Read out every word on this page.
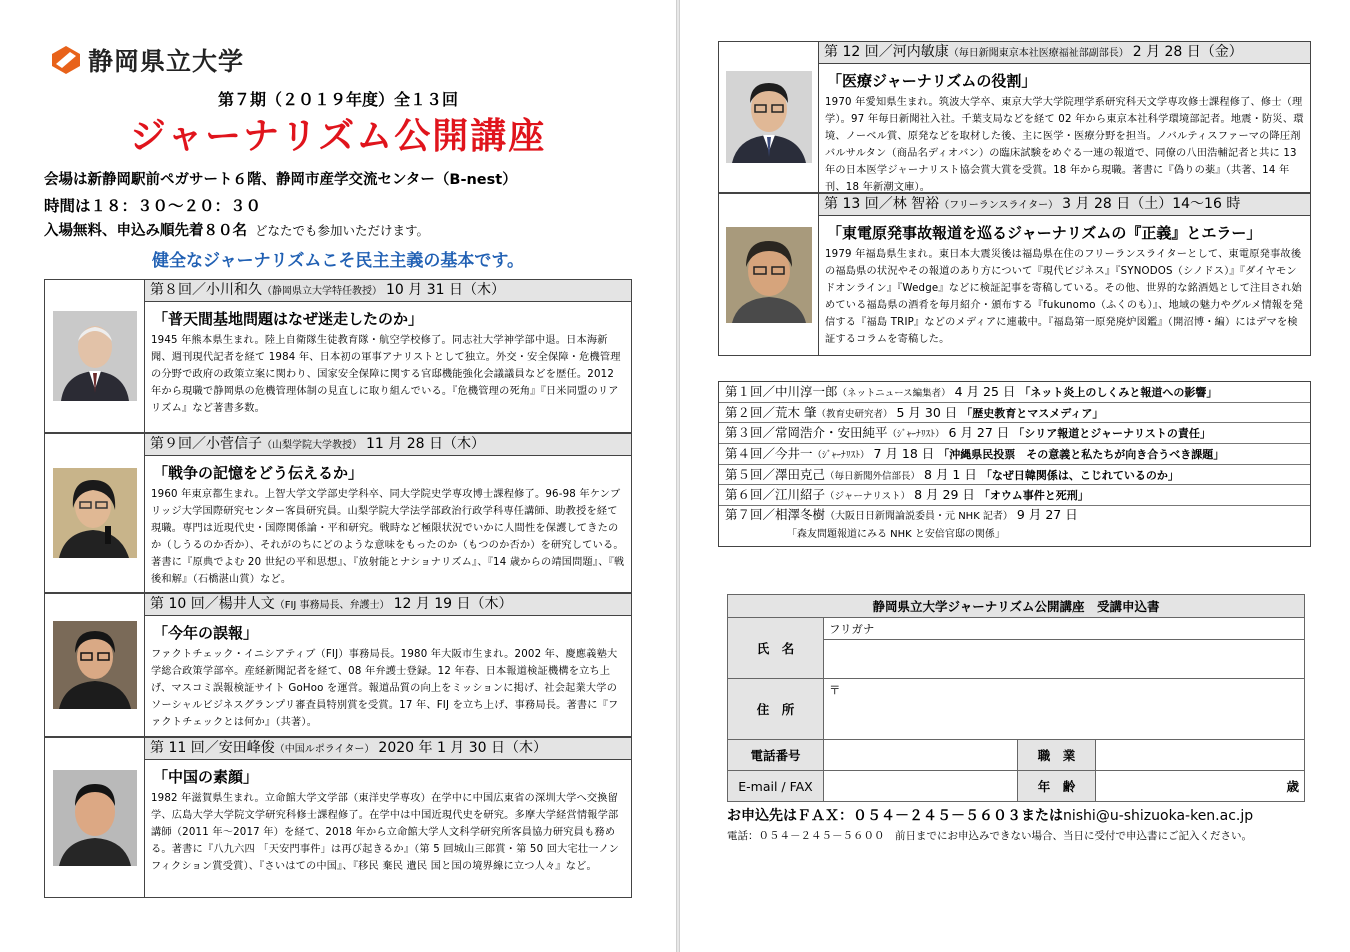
静岡県立大学
第７期（２０１９年度）全１３回
ジャーナリズム公開講座
会場は新静岡駅前ペガサート６階、静岡市産学交流センター（B-nest）
時間は１８：３０～２０：３０
入場無料、申込み順先着８０名 どなたでも参加いただけます。
健全なジャーナリズムこそ民主主義の基本です。
第８回／小川和久（静岡県立大学特任教授） 10 月 31 日（木）
「普天間基地問題はなぜ迷走したのか」
1945 年熊本県生まれ。陸上自衛隊生徒教育隊・航空学校修了。同志社大学神学部中退。日本海新聞、週刊現代記者を経て 1984 年、日本初の軍事アナリストとして独立。外交・安全保障・危機管理の分野で政府の政策立案に関わり、国家安全保障に関する官邸機能強化会議議員などを歴任。2012 年から現職で静岡県の危機管理体制の見直しに取り組んでいる。『危機管理の死角』『日米同盟のリアリズム』など著書多数。
第９回／小菅信子（山梨学院大学教授） 11 月 28 日（木）
「戦争の記憶をどう伝えるか」
1960 年東京都生まれ。上智大学文学部史学科卒、同大学院史学専攻博士課程修了。96-98 年ケンブリッジ大学国際研究センター客員研究員。山梨学院大学法学部政治行政学科専任講師、助教授を経て現職。専門は近現代史・国際関係論・平和研究。戦時など極限状況でいかに人間性を保護してきたのか（しうるのか否か）、それがのちにどのような意味をもったのか（もつのか否か）を研究している。著書に『原典でよむ 20 世紀の平和思想』、『放射能とナショナリズム』、『14 歳からの靖国問題』、『戦後和解』（石橋湛山賞）など。
第 10 回／楊井人文（FIJ 事務局長、弁護士） 12 月 19 日（木）
「今年の誤報」
ファクトチェック・イニシアティブ（FIJ）事務局長。1980 年大阪市生まれ。2002 年、慶應義塾大学総合政策学部卒。産経新聞記者を経て、08 年弁護士登録。12 年春、日本報道検証機構を立ち上げ、マスコミ誤報検証サイト GoHoo を運営。報道品質の向上をミッションに掲げ、社会起業大学のソーシャルビジネスグランプリ審査員特別賞を受賞。17 年、FIJ を立ち上げ、事務局長。著書に『ファクトチェックとは何か』（共著）。
第 11 回／安田峰俊（中国ルポライター） 2020 年 1 月 30 日（木）
「中国の素顔」
1982 年滋賀県生まれ。立命館大学文学部（東洋史学専攻）在学中に中国広東省の深圳大学へ交換留学、広島大学大学院文学研究科修士課程修了。在学中は中国近現代史を研究。多摩大学経営情報学部講師（2011 年～2017 年）を経て、2018 年から立命館大学人文科学研究所客員協力研究員も務める。著書に『八九六四 「天安門事件」は再び起きるか』（第 5 回城山三郎賞・第 50 回大宅壮一ノンフィクション賞受賞）、『さいはての中国』、『移民 棄民 遺民 国と国の境界線に立つ人々』など。
第 12 回／河内敏康（毎日新聞東京本社医療福祉部副部長） 2 月 28 日（金）
「医療ジャーナリズムの役割」
1970 年愛知県生まれ。筑波大学卒、東京大学大学院理学系研究科天文学専攻修士課程修了、修士（理学）。97 年毎日新聞社入社。千葉支局などを経て 02 年から東京本社科学環境部記者。地震・防災、環境、ノーベル賞、原発などを取材した後、主に医学・医療分野を担当。ノバルティスファーマの降圧剤バルサルタン（商品名ディオバン）の臨床試験をめぐる一連の報道で、同僚の八田浩輔記者と共に 13 年の日本医学ジャーナリスト協会賞大賞を受賞。18 年から現職。著書に『偽りの薬』（共著、14 年刊、18 年新潮文庫）。
第 13 回／林 智裕（フリーランスライター） 3 月 28 日（土）14～16 時
「東電原発事故報道を巡るジャーナリズムの『正義』とエラー」
1979 年福島県生まれ。東日本大震災後は福島県在住のフリーランスライターとして、東電原発事故後の福島県の状況やその報道のあり方について『現代ビジネス』『SYNODOS（シノドス）』『ダイヤモンドオンライン』『Wedge』などに検証記事を寄稿している。その他、世界的な銘酒処として注目され始めている福島県の酒肴を毎月紹介・頒布する『fukunomo（ふくのも）』、地域の魅力やグルメ情報を発信する『福島 TRIP』などのメディアに連載中。『福島第一原発廃炉図鑑』（開沼博・編）にはデマを検証するコラムを寄稿した。
第１回／中川淳一郎（ネットニュース編集者） 4 月 25 日 「ネット炎上のしくみと報道への影響」
第２回／荒木 肇（教育史研究者） 5 月 30 日 「歴史教育とマスメディア」
第３回／常岡浩介・安田純平（ｼﾞｬｰﾅﾘｽﾄ） 6 月 27 日 「シリア報道とジャーナリストの責任」
第４回／今井一（ｼﾞｬｰﾅﾘｽﾄ） 7 月 18 日 「沖縄県民投票　その意義と私たちが向き合うべき課題」
第５回／澤田克己（毎日新聞外信部長） 8 月 1 日 「なぜ日韓関係は、こじれているのか」
第６回／江川紹子（ジャーナリスト） 8 月 29 日 「オウム事件と死刑」
第７回／相澤冬樹（大阪日日新聞論説委員・元 NHK 記者） 9 月 27 日
「森友問題報道にみる NHK と安倍官邸の関係」
静岡県立大学ジャーナリズム公開講座　受講申込書			
氏　名	フリガナ		

住　所	〒		
電話番号		職　業	
E-mail / FAX		年　齢	歳
お申込先はＦＡＸ：０５４－２４５－５６０３またはnishi@u-shizuoka-ken.ac.jp
電話：０５４－２４５－５６００　前日までにお申込みできない場合、当日に受付で申込書にご記入ください。
